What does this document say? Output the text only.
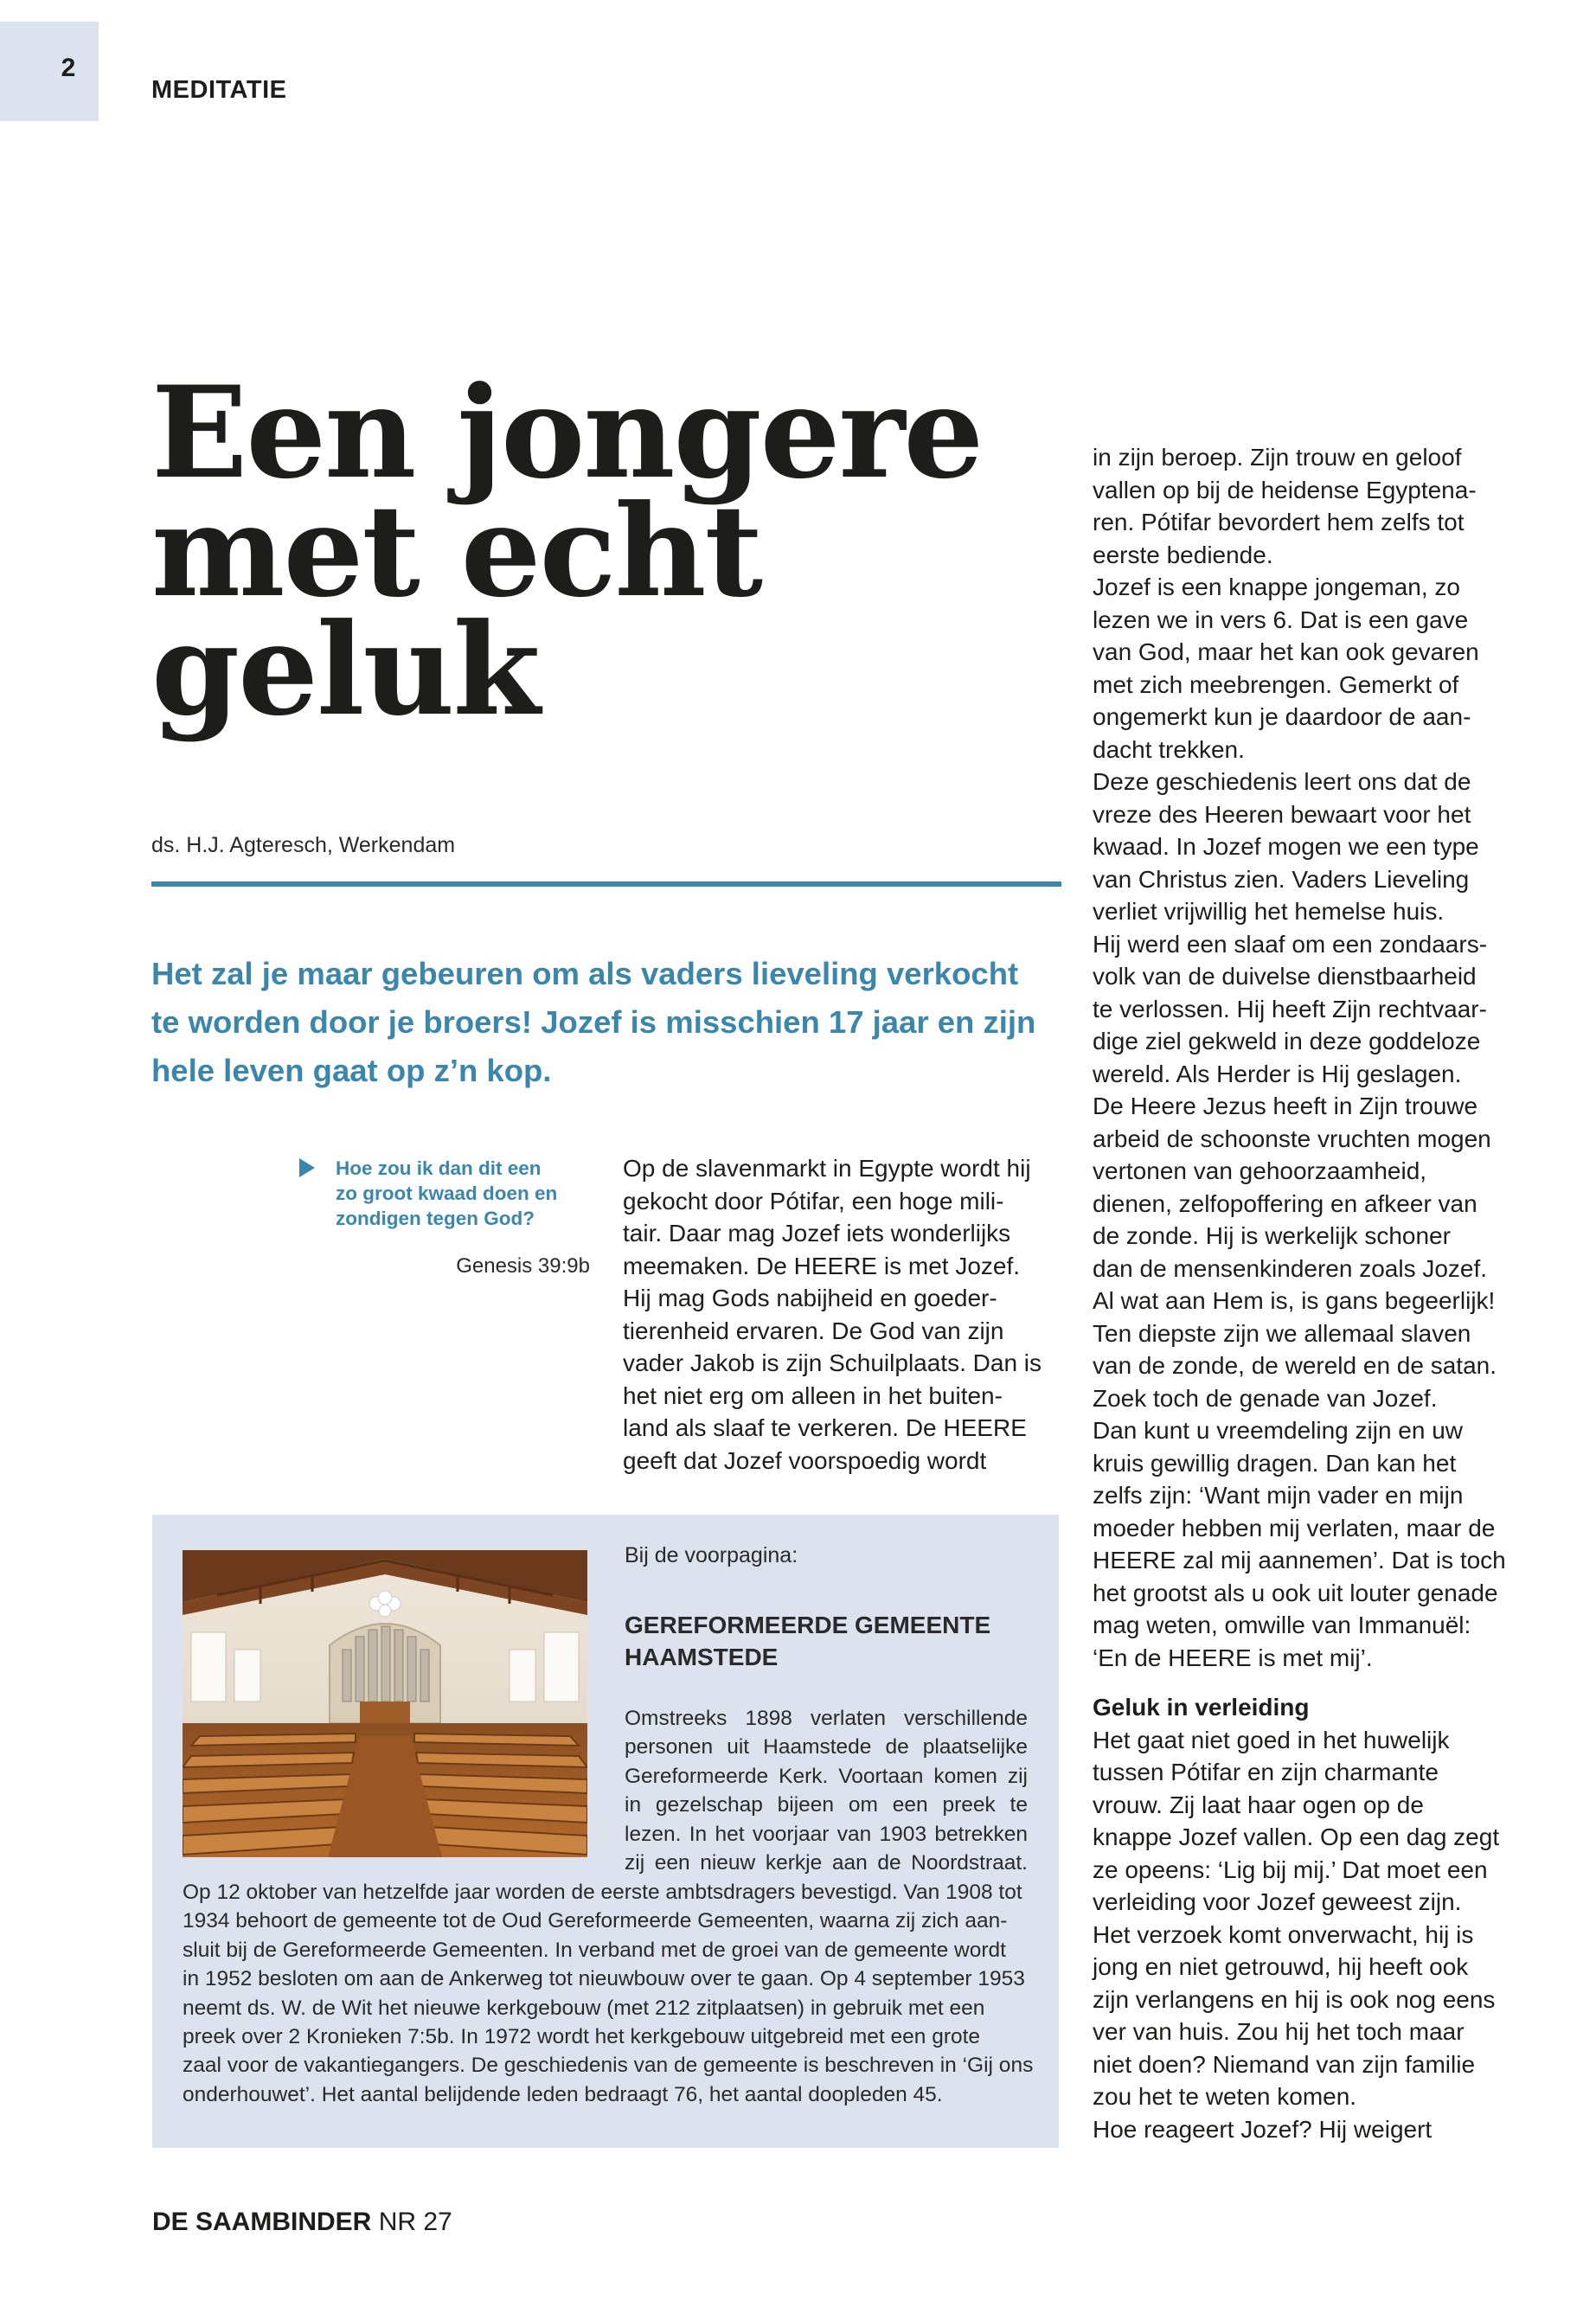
2
MEDITATIE
Een jongere
met echt
geluk
ds. H.J. Agteresch, Werkendam

Het zal je maar gebeuren om als vaders lieveling verkocht
te worden door je broers! Jozef is misschien 17 jaar en zijn
hele leven gaat op z’n kop.

Hoe zou ik dan dit een
zo groot kwaad doen en
zondigen tegen God?

Genesis 39:9b

Op de slavenmarkt in Egypte wordt hij
gekocht door Pótifar, een hoge mili-
tair. Daar mag Jozef iets wonderlijks
meemaken. De HEERE is met Jozef.
Hij mag Gods nabijheid en goeder-
tierenheid ervaren. De God van zijn
vader Jakob is zijn Schuilplaats. Dan is
het niet erg om alleen in het buiten-
land als slaaf te verkeren. De HEERE
geeft dat Jozef voorspoedig wordt

in zijn beroep. Zijn trouw en geloof
vallen op bij de heidense Egyptena-
ren. Pótifar bevordert hem zelfs tot
eerste bediende.
Jozef is een knappe jongeman, zo
lezen we in vers 6. Dat is een gave
van God, maar het kan ook gevaren
met zich meebrengen. Gemerkt of
ongemerkt kun je daardoor de aan-
dacht trekken.
Deze geschiedenis leert ons dat de
vreze des Heeren bewaart voor het
kwaad. In Jozef mogen we een type
van Christus zien. Vaders Lieveling
verliet vrijwillig het hemelse huis.
Hij werd een slaaf om een zondaars-
volk van de duivelse dienstbaarheid
te verlossen. Hij heeft Zijn rechtvaar-
dige ziel gekweld in deze goddeloze
wereld. Als Herder is Hij geslagen.
De Heere Jezus heeft in Zijn trouwe
arbeid de schoonste vruchten mogen
vertonen van gehoorzaamheid,
dienen, zelfopoffering en afkeer van
de zonde. Hij is werkelijk schoner
dan de mensenkinderen zoals Jozef.
Al wat aan Hem is, is gans begeerlijk!
Ten diepste zijn we allemaal slaven
van de zonde, de wereld en de satan.
Zoek toch de genade van Jozef.
Dan kunt u vreemdeling zijn en uw
kruis gewillig dragen. Dan kan het
zelfs zijn: ‘Want mijn vader en mijn
moeder hebben mij verlaten, maar de
HEERE zal mij aannemen’. Dat is toch
het grootst als u ook uit louter genade
mag weten, omwille van Immanuël:
‘En de HEERE is met mij’.
Geluk in verleiding
Het gaat niet goed in het huwelijk
tussen Pótifar en zijn charmante
vrouw. Zij laat haar ogen op de
knappe Jozef vallen. Op een dag zegt
ze opeens: ‘Lig bij mij.’ Dat moet een
verleiding voor Jozef geweest zijn.
Het verzoek komt onverwacht, hij is
jong en niet getrouwd, hij heeft ook
zijn verlangens en hij is ook nog eens
ver van huis. Zou hij het toch maar
niet doen? Niemand van zijn familie
zou het te weten komen.
Hoe reageert Jozef? Hij weigert
Bij de voorpagina:
GEREFORMEERDE GEMEENTE
HAAMSTEDE

Omstreeks 1898 verlaten verschillende
personen uit Haamstede de plaatselijke
Gereformeerde Kerk. Voortaan komen zij
in gezelschap bijeen om een preek te
lezen. In het voorjaar van 1903 betrekken
zij een nieuw kerkje aan de Noordstraat.

Op 12 oktober van hetzelfde jaar worden de eerste ambtsdragers bevestigd. Van 1908 tot
1934 behoort de gemeente tot de Oud Gereformeerde Gemeenten, waarna zij zich aan-
sluit bij de Gereformeerde Gemeenten. In verband met de groei van de gemeente wordt
in 1952 besloten om aan de Ankerweg tot nieuwbouw over te gaan. Op 4 september 1953
neemt ds. W. de Wit het nieuwe kerkgebouw (met 212 zitplaatsen) in gebruik met een
preek over 2 Kronieken 7:5b. In 1972 wordt het kerkgebouw uitgebreid met een grote
zaal voor de vakantiegangers. De geschiedenis van de gemeente is beschreven in ‘Gij ons
onderhouwet’. Het aantal belijdende leden bedraagt 76, het aantal doopleden 45.

DE SAAMBINDER NR 27
